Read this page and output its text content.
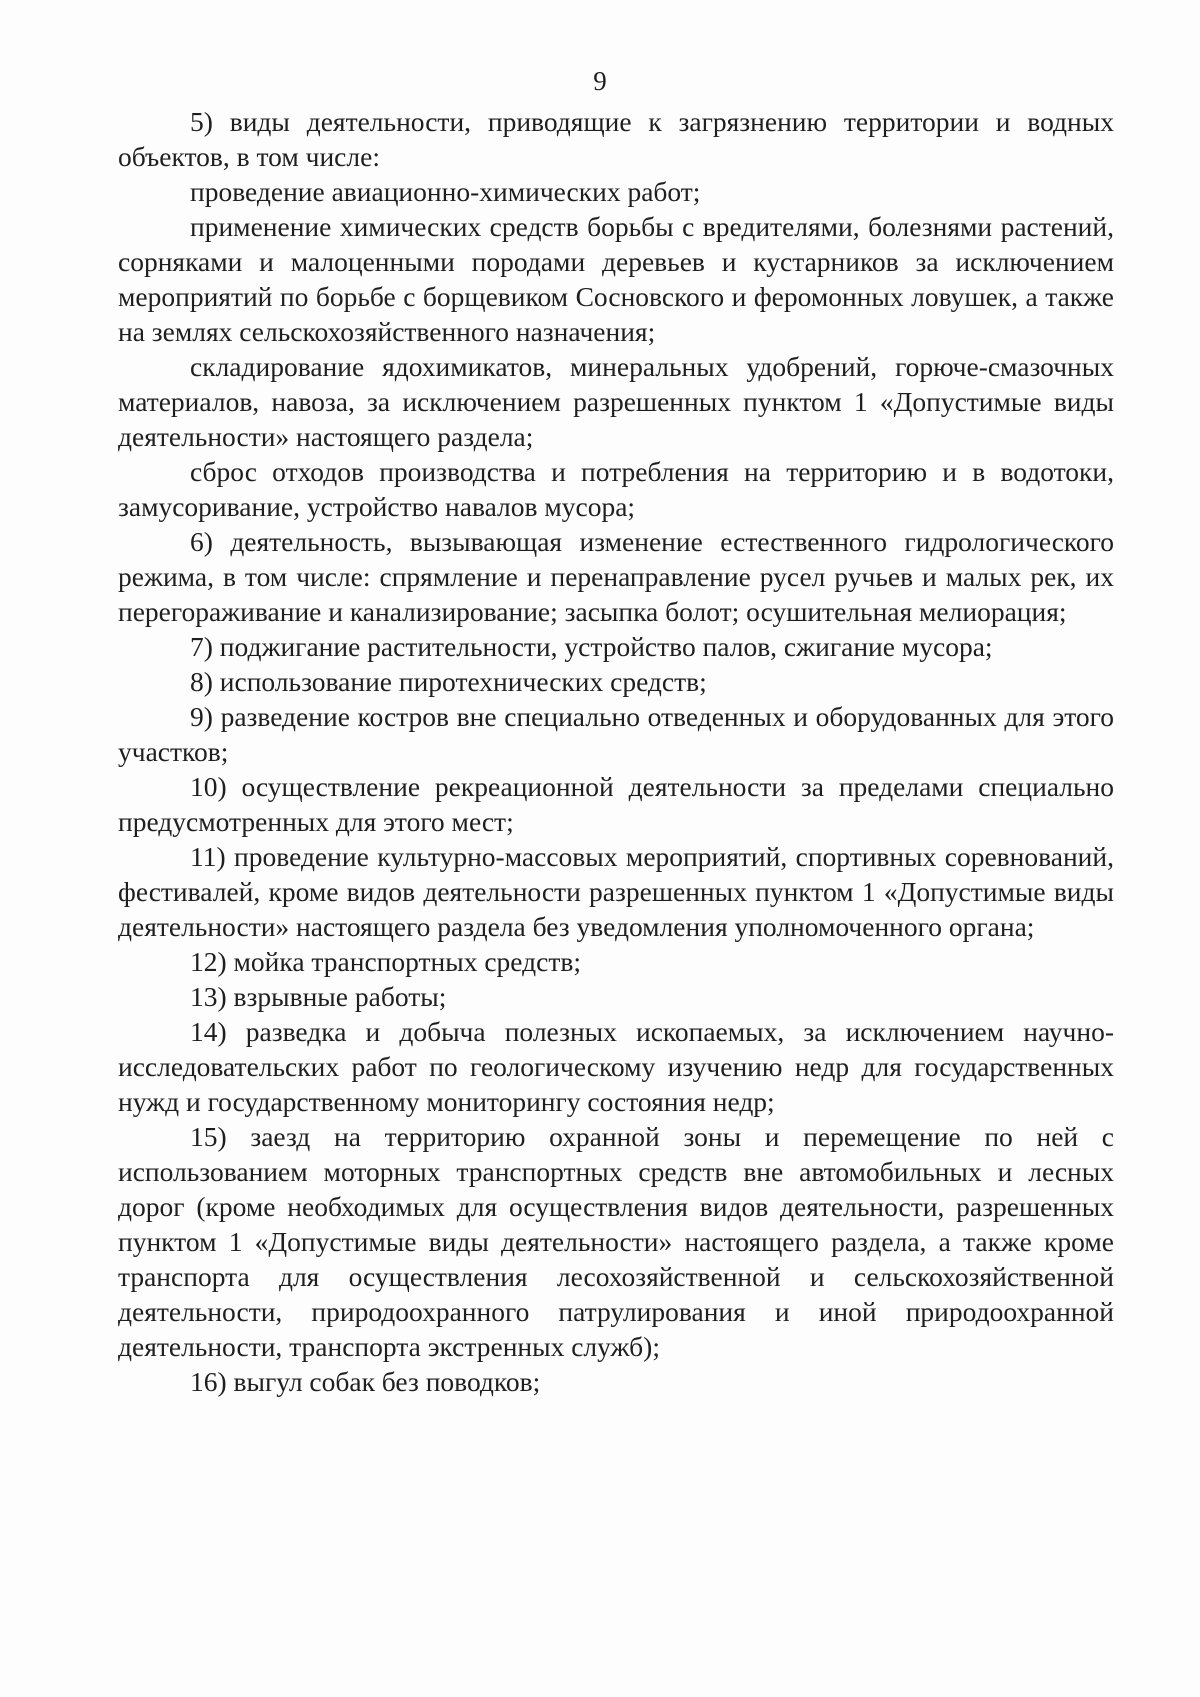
9

5) виды деятельности, приводящие к загрязнению территории и водных объектов, в том числе:

проведение авиационно-химических работ;

применение химических средств борьбы с вредителями, болезнями растений, сорняками и малоценными породами деревьев и кустарников за исключением мероприятий по борьбе с борщевиком Сосновского и феромонных ловушек, а также на землях сельскохозяйственного назначения;

складирование ядохимикатов, минеральных удобрений, горюче-смазочных материалов, навоза, за исключением разрешенных пунктом 1 «Допустимые виды деятельности» настоящего раздела;

сброс отходов производства и потребления на территорию и в водотоки, замусоривание, устройство навалов мусора;

6) деятельность, вызывающая изменение естественного гидрологического режима, в том числе: спрямление и перенаправление русел ручьев и малых рек, их перегораживание и канализирование; засыпка болот; осушительная мелиорация;

7) поджигание растительности, устройство палов, сжигание мусора;

8) использование пиротехнических средств;

9) разведение костров вне специально отведенных и оборудованных для этого участков;

10) осуществление рекреационной деятельности за пределами специально предусмотренных для этого мест;

11) проведение культурно-массовых мероприятий, спортивных соревнований, фестивалей, кроме видов деятельности разрешенных пунктом 1 «Допустимые виды деятельности» настоящего раздела без уведомления уполномоченного органа;

12) мойка транспортных средств;

13) взрывные работы;

14) разведка и добыча полезных ископаемых, за исключением научно-исследовательских работ по геологическому изучению недр для государственных нужд и государственному мониторингу состояния недр;

15) заезд на территорию охранной зоны и перемещение по ней с использованием моторных транспортных средств вне автомобильных и лесных дорог (кроме необходимых для осуществления видов деятельности, разрешенных пунктом 1 «Допустимые виды деятельности» настоящего раздела, а также кроме транспорта для осуществления лесохозяйственной и сельскохозяйственной деятельности, природоохранного патрулирования и иной природоохранной деятельности, транспорта экстренных служб);

16) выгул собак без поводков;
